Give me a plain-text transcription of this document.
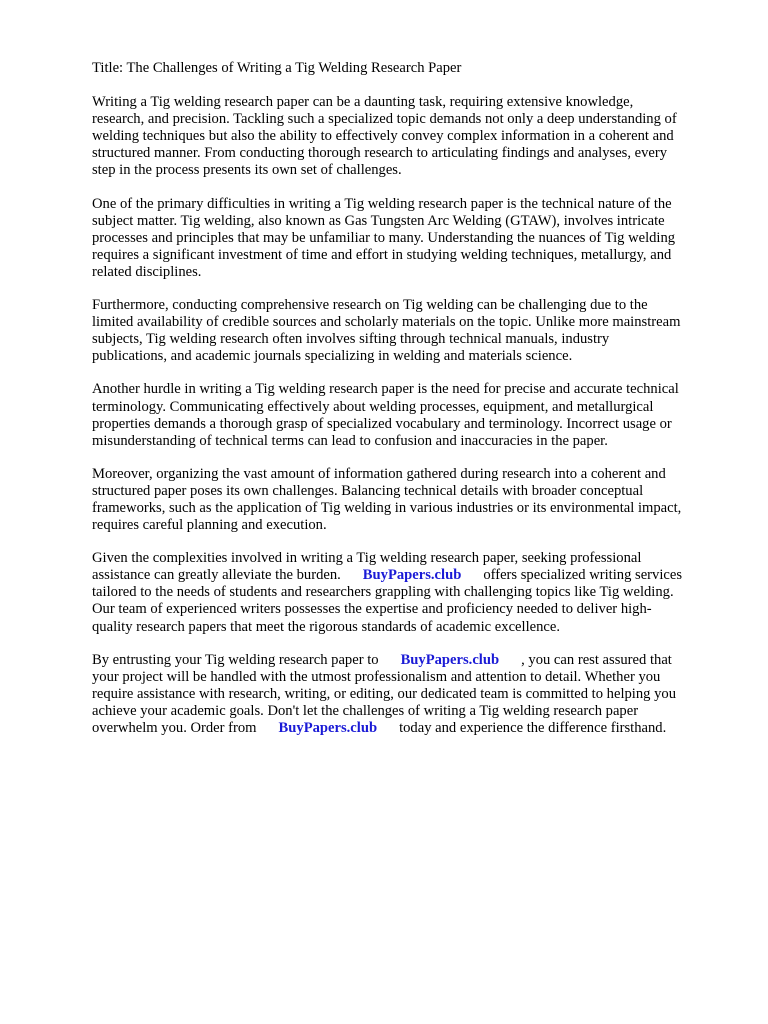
Title: The Challenges of Writing a Tig Welding Research Paper

Writing a Tig welding research paper can be a daunting task, requiring extensive knowledge,
research, and precision. Tackling such a specialized topic demands not only a deep understanding of
welding techniques but also the ability to effectively convey complex information in a coherent and
structured manner. From conducting thorough research to articulating findings and analyses, every
step in the process presents its own set of challenges.

One of the primary difficulties in writing a Tig welding research paper is the technical nature of the
subject matter. Tig welding, also known as Gas Tungsten Arc Welding (GTAW), involves intricate
processes and principles that may be unfamiliar to many. Understanding the nuances of Tig welding
requires a significant investment of time and effort in studying welding techniques, metallurgy, and
related disciplines.

Furthermore, conducting comprehensive research on Tig welding can be challenging due to the
limited availability of credible sources and scholarly materials on the topic. Unlike more mainstream
subjects, Tig welding research often involves sifting through technical manuals, industry
publications, and academic journals specializing in welding and materials science.

Another hurdle in writing a Tig welding research paper is the need for precise and accurate technical
terminology. Communicating effectively about welding processes, equipment, and metallurgical
properties demands a thorough grasp of specialized vocabulary and terminology. Incorrect usage or
misunderstanding of technical terms can lead to confusion and inaccuracies in the paper.

Moreover, organizing the vast amount of information gathered during research into a coherent and
structured paper poses its own challenges. Balancing technical details with broader conceptual
frameworks, such as the application of Tig welding in various industries or its environmental impact,
requires careful planning and execution.

Given the complexities involved in writing a Tig welding research paper, seeking professional
assistance can greatly alleviate the burden. BuyPapers.club offers specialized writing services
tailored to the needs of students and researchers grappling with challenging topics like Tig welding.
Our team of experienced writers possesses the expertise and proficiency needed to deliver high-
quality research papers that meet the rigorous standards of academic excellence.

By entrusting your Tig welding research paper to BuyPapers.club , you can rest assured that
your project will be handled with the utmost professionalism and attention to detail. Whether you
require assistance with research, writing, or editing, our dedicated team is committed to helping you
achieve your academic goals. Don't let the challenges of writing a Tig welding research paper
overwhelm you. Order from BuyPapers.club today and experience the difference firsthand.
